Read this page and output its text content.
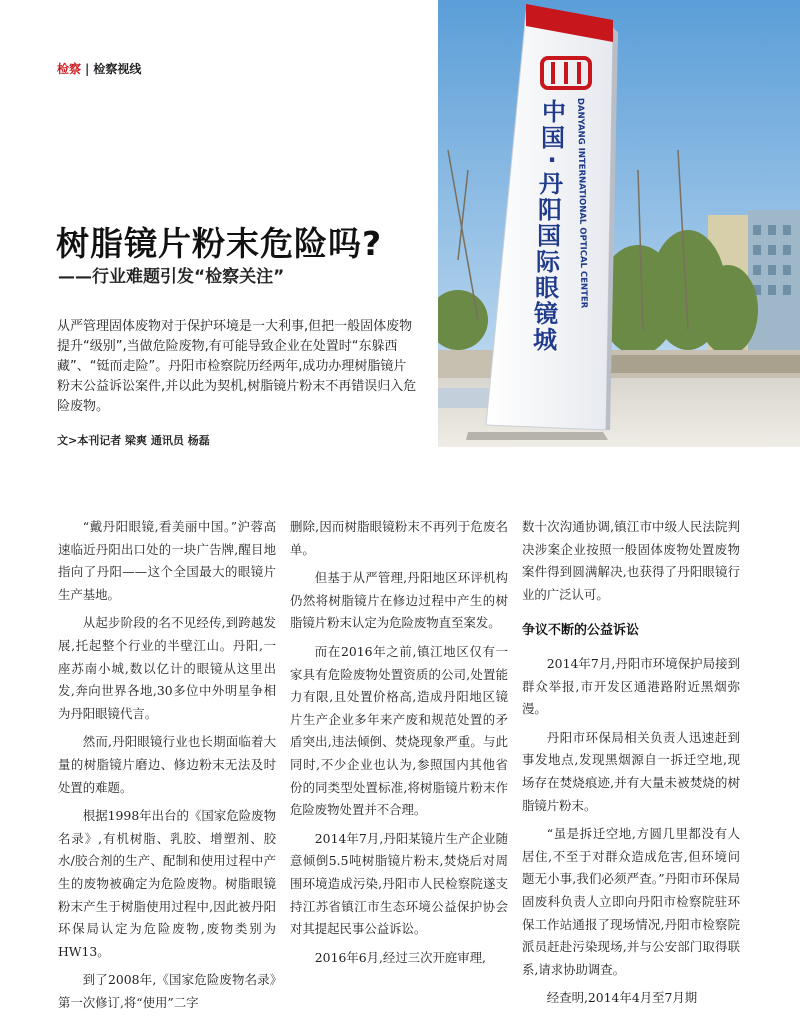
检察 | 检察视线
树脂镜片粉末危险吗?
——行业难题引发“检察关注”

从严管理固体废物对于保护环境是一大利事,但把一般固体废物提升“级别”,当做危险废物,有可能导致企业在处置时“东躲西藏”、“铤而走险”。丹阳市检察院历经两年,成功办理树脂镜片粉末公益诉讼案件,并以此为契机,树脂镜片粉末不再错误归入危险废物。

文>本刊记者 梁爽 通讯员 杨磊
中
国
·
丹
阳
国
际
眼
镜
城
DANYANG INTERNATIONAL OPTICAL CENTER

“戴丹阳眼镜,看美丽中国。”沪蓉高速临近丹阳出口处的一块广告牌,醒目地指向了丹阳——这个全国最大的眼镜片生产基地。

从起步阶段的名不见经传,到跨越发展,托起整个行业的半壁江山。丹阳,一座苏南小城,数以亿计的眼镜从这里出发,奔向世界各地,30多位中外明星争相为丹阳眼镜代言。

然而,丹阳眼镜行业也长期面临着大量的树脂镜片磨边、修边粉末无法及时处置的难题。

根据1998年出台的《国家危险废物名录》,有机树脂、乳胶、增塑剂、胶水/胶合剂的生产、配制和使用过程中产生的废物被确定为危险废物。树脂眼镜粉末产生于树脂使用过程中,因此被丹阳环保局认定为危险废物,废物类别为HW13。

到了2008年,《国家危险废物名录》第一次修订,将“使用”二字

删除,因而树脂眼镜粉末不再列于危废名单。

但基于从严管理,丹阳地区环评机构仍然将树脂镜片在修边过程中产生的树脂镜片粉末认定为危险废物直至案发。

而在2016年之前,镇江地区仅有一家具有危险废物处置资质的公司,处置能力有限,且处置价格高,造成丹阳地区镜片生产企业多年来产废和规范处置的矛盾突出,违法倾倒、焚烧现象严重。与此同时,不少企业也认为,参照国内其他省份的同类型处置标准,将树脂镜片粉末作危险废物处置并不合理。

2014年7月,丹阳某镜片生产企业随意倾倒5.5吨树脂镜片粉末,焚烧后对周围环境造成污染,丹阳市人民检察院遂支持江苏省镇江市生态环境公益保护协会对其提起民事公益诉讼。

2016年6月,经过三次开庭审理,

数十次沟通协调,镇江市中级人民法院判决涉案企业按照一般固体废物处置废物案件得到圆满解决,也获得了丹阳眼镜行业的广泛认可。

争议不断的公益诉讼

2014年7月,丹阳市环境保护局接到群众举报,市开发区通港路附近黑烟弥漫。

丹阳市环保局相关负责人迅速赶到事发地点,发现黑烟源自一拆迁空地,现场存在焚烧痕迹,并有大量未被焚烧的树脂镜片粉末。

“虽是拆迁空地,方圆几里都没有人居住,不至于对群众造成危害,但环境问题无小事,我们必须严查。”丹阳市环保局固废科负责人立即向丹阳市检察院驻环保工作站通报了现场情况,丹阳市检察院派员赶赴污染现场,并与公安部门取得联系,请求协助调查。

经查明,2014年4月至7月期
